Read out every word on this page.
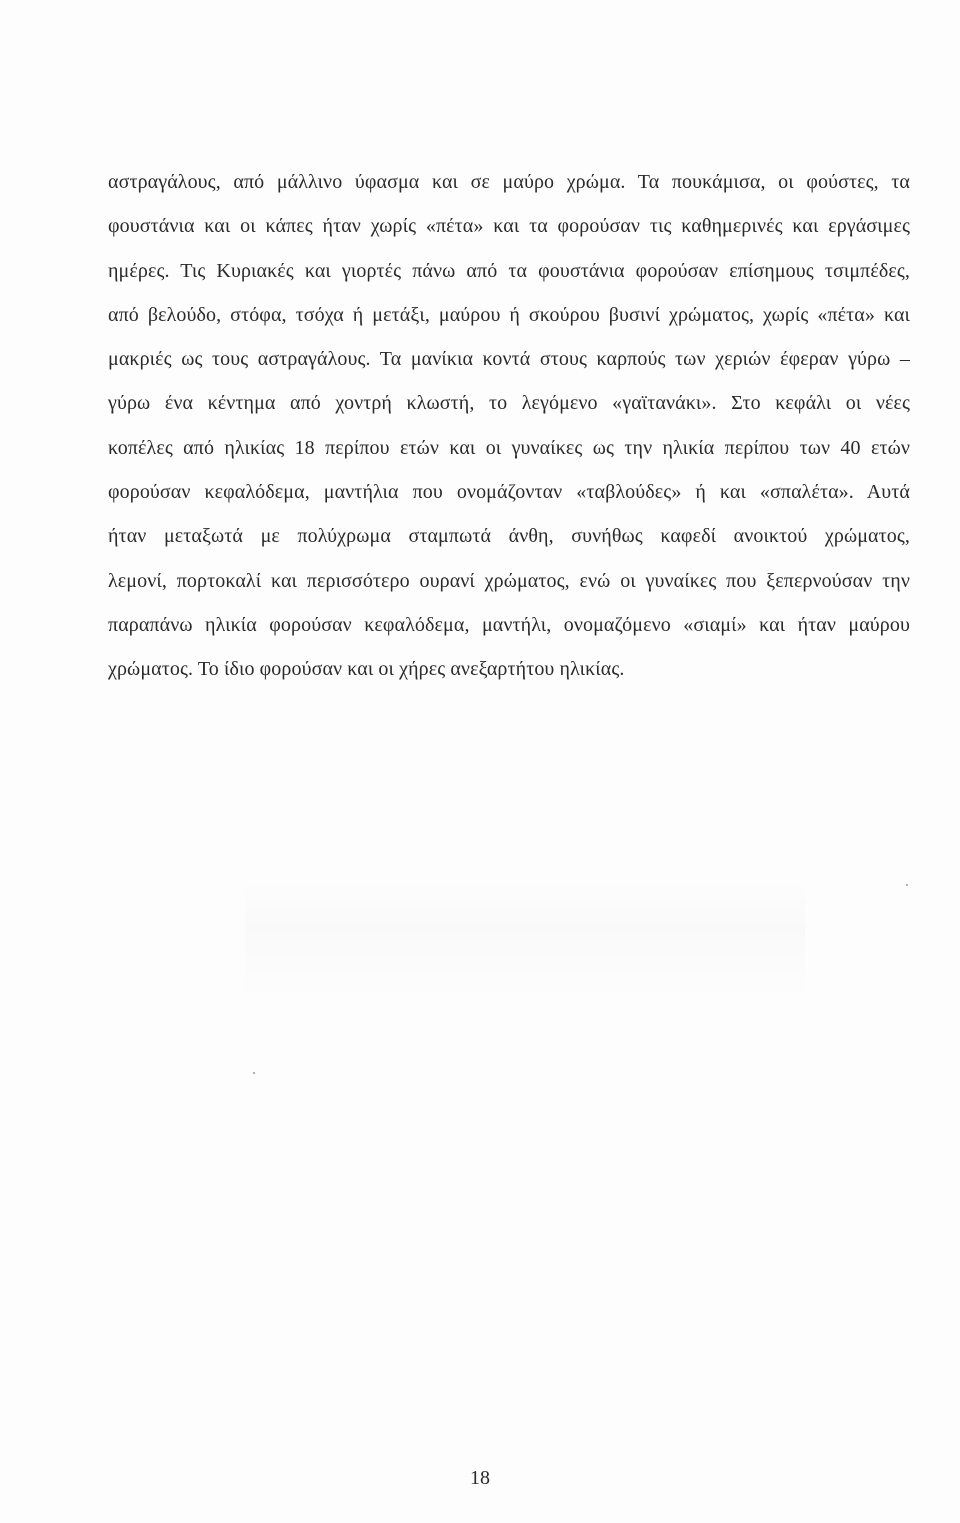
αστραγάλους, από μάλλινο ύφασμα και σε μαύρο χρώμα. Τα πουκάμισα, οι φούστες, τα
φουστάνια και οι κάπες ήταν χωρίς «πέτα» και τα φορούσαν τις καθημερινές και εργάσιμες
ημέρες. Τις Κυριακές και γιορτές πάνω από τα φουστάνια φορούσαν επίσημους τσιμπέδες,
από βελούδο, στόφα, τσόχα ή μετάξι, μαύρου ή σκούρου βυσινί χρώματος, χωρίς «πέτα» και
μακριές ως τους αστραγάλους. Τα μανίκια κοντά στους καρπούς των χεριών έφεραν γύρω –
γύρω ένα κέντημα από χοντρή κλωστή, το λεγόμενο «γαϊτανάκι». Στο κεφάλι οι νέες
κοπέλες από ηλικίας 18 περίπου ετών και οι γυναίκες ως την ηλικία περίπου των 40 ετών
φορούσαν κεφαλόδεμα, μαντήλια που ονομάζονταν «ταβλούδες» ή και «σπαλέτα». Αυτά
ήταν μεταξωτά με πολύχρωμα σταμπωτά άνθη, συνήθως καφεδί ανοικτού χρώματος,
λεμονί, πορτοκαλί και περισσότερο ουρανί χρώματος, ενώ οι γυναίκες που ξεπερνούσαν την
παραπάνω ηλικία φορούσαν κεφαλόδεμα, μαντήλι, ονομαζόμενο «σιαμί» και ήταν μαύρου
χρώματος. Το ίδιο φορούσαν και οι χήρες ανεξαρτήτου ηλικίας.
18
